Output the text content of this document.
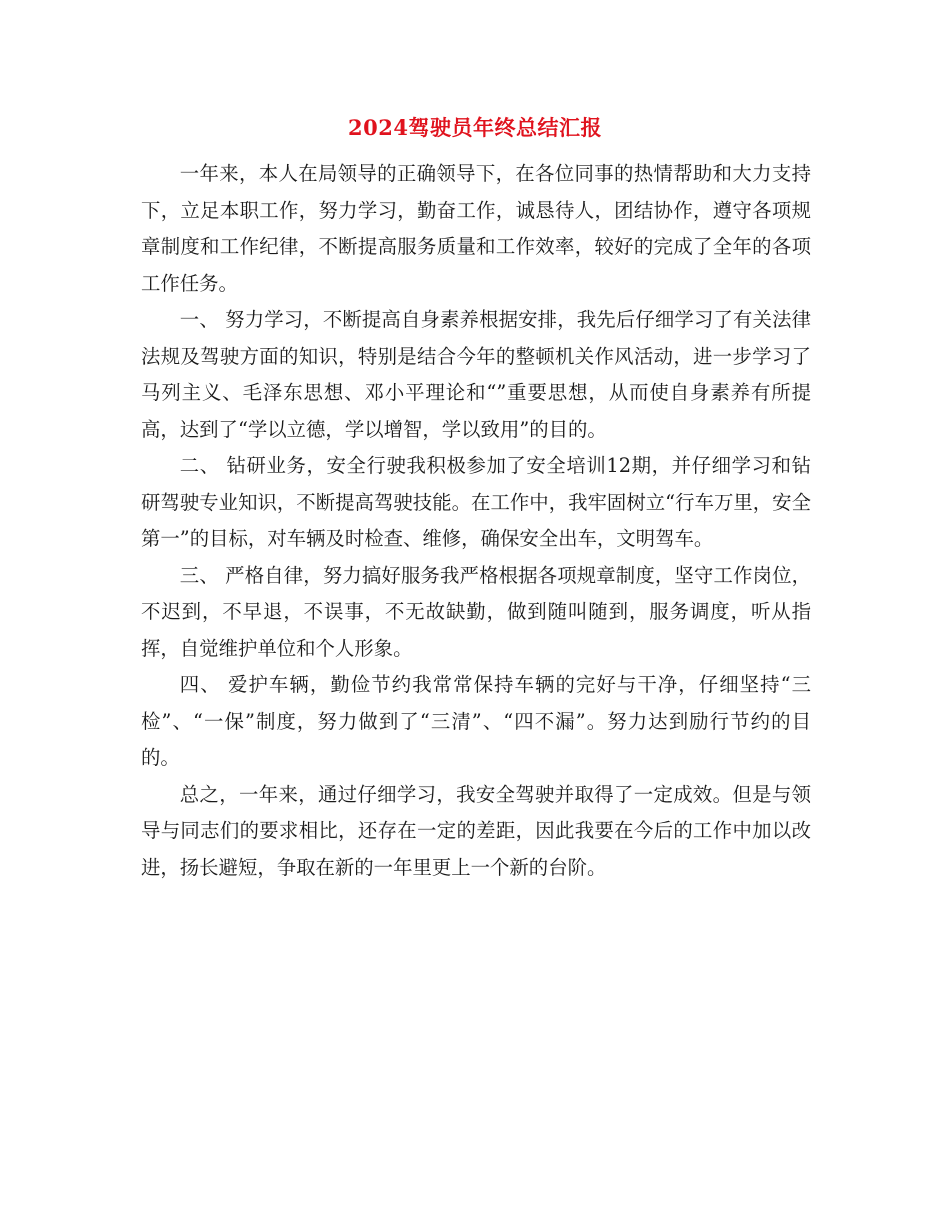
2024驾驶员年终总结汇报

一年来，本人在局领导的正确领导下，在各位同事的热情帮助和大力支持下，立足本职工作，努力学习，勤奋工作，诚恳待人，团结协作，遵守各项规章制度和工作纪律，不断提高服务质量和工作效率，较好的完成了全年的各项工作任务。

一、 努力学习，不断提高自身素养根据安排，我先后仔细学习了有关法律法规及驾驶方面的知识，特别是结合今年的整顿机关作风活动，进一步学习了马列主义、毛泽东思想、邓小平理论和“”重要思想，从而使自身素养有所提高，达到了“学以立德，学以增智，学以致用”的目的。

二、 钻研业务，安全行驶我积极参加了安全培训12期，并仔细学习和钻研驾驶专业知识，不断提高驾驶技能。在工作中，我牢固树立“行车万里，安全第一”的目标，对车辆及时检查、维修，确保安全出车，文明驾车。

三、 严格自律，努力搞好服务我严格根据各项规章制度，坚守工作岗位，不迟到，不早退，不误事，不无故缺勤，做到随叫随到，服务调度，听从指挥，自觉维护单位和个人形象。

四、 爱护车辆，勤俭节约我常常保持车辆的完好与干净，仔细坚持“三检”、“一保”制度，努力做到了“三清”、“四不漏”。努力达到励行节约的目的。

总之，一年来，通过仔细学习，我安全驾驶并取得了一定成效。但是与领导与同志们的要求相比，还存在一定的差距，因此我要在今后的工作中加以改进，扬长避短，争取在新的一年里更上一个新的台阶。
